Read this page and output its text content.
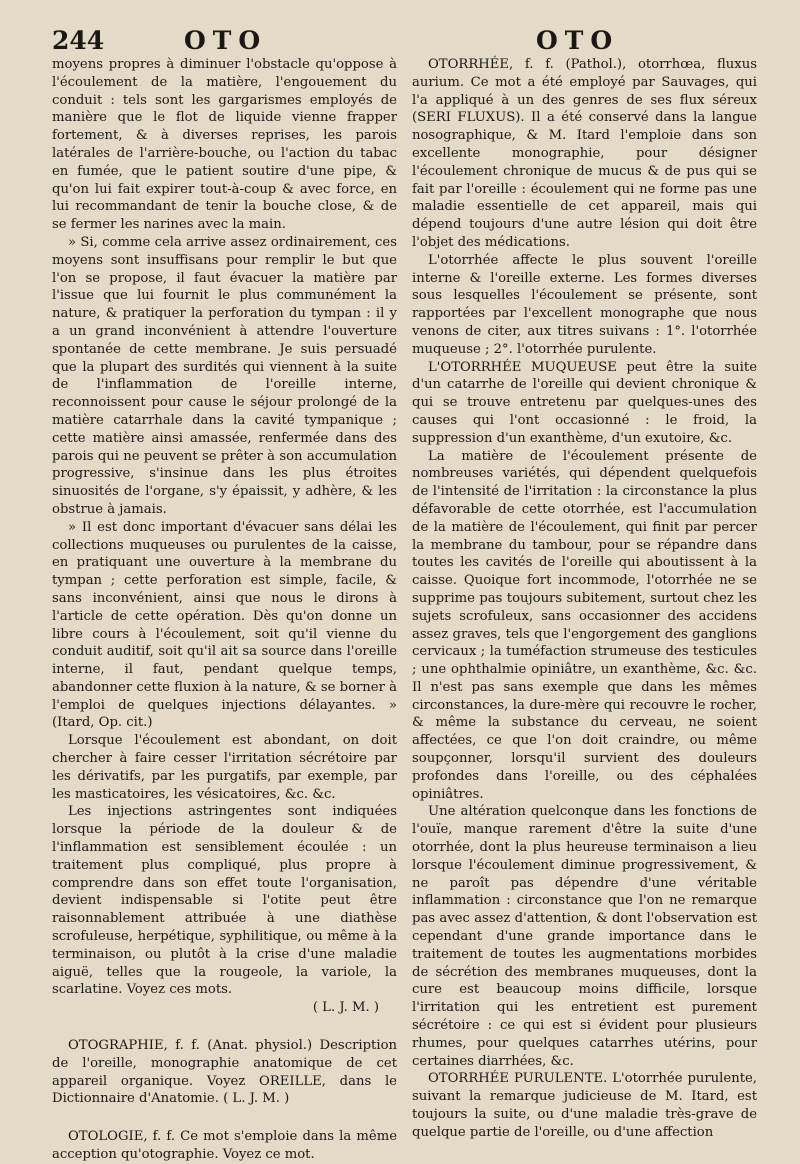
244	OTO	OTO

moyens propres à diminuer l'obstacle qu'oppose à l'écoulement de la matière, l'engouement du conduit : tels sont les gargarismes employés de manière que le flot de liquide vienne frapper fortement, & à diverses reprises, les parois latérales de l'arrière-bouche, ou l'action du tabac en fumée, que le patient soutire d'une pipe, & qu'on lui fait expirer tout-à-coup & avec force, en lui recommandant de tenir la bouche close, & de se fermer les narines avec la main.

» Si, comme cela arrive assez ordinairement, ces moyens sont insuffisans pour remplir le but que l'on se propose, il faut évacuer la matière par l'issue que lui fournit le plus communément la nature, & pratiquer la perforation du tympan : il y a un grand inconvénient à attendre l'ouverture spontanée de cette membrane. Je suis persuadé que la plupart des surdités qui viennent à la suite de l'inflammation de l'oreille interne, reconnoissent pour cause le séjour prolongé de la matière catarrhale dans la cavité tympanique ; cette matière ainsi amassée, renfermée dans des parois qui ne peuvent se prêter à son accumulation progressive, s'insinue dans les plus étroites sinuosités de l'organe, s'y épaissit, y adhère, & les obstrue à jamais.

» Il est donc important d'évacuer sans délai les collections muqueuses ou purulentes de la caisse, en pratiquant une ouverture à la membrane du tympan ; cette perforation est simple, facile, & sans inconvénient, ainsi que nous le dirons à l'article de cette opération. Dès qu'on donne un libre cours à l'écoulement, soit qu'il vienne du conduit auditif, soit qu'il ait sa source dans l'oreille interne, il faut, pendant quelque temps, abandonner cette fluxion à la nature, & se borner à l'emploi de quelques injections délayantes. » (Itard, Op. cit.)

Lorsque l'écoulement est abondant, on doit chercher à faire cesser l'irritation sécrétoire par les dérivatifs, par les purgatifs, par exemple, par les masticatoires, les vésicatoires, &c. &c.

Les injections astringentes sont indiquées lorsque la période de la douleur & de l'inflammation est sensiblement écoulée : un traitement plus compliqué, plus propre à comprendre dans son effet toute l'organisation, devient indispensable si l'otite peut être raisonnablement attribuée à une diathèse scrofuleuse, herpétique, syphilitique, ou même à la terminaison, ou plutôt à la crise d'une maladie aiguë, telles que la rougeole, la variole, la scarlatine. Voyez ces mots.

( L. J. M. )

OTOGRAPHIE, f. f. (Anat. physiol.) Description de l'oreille, monographie anatomique de cet appareil organique. Voyez OREILLE, dans le Dictionnaire d'Anatomie. ( L. J. M. )

OTOLOGIE, f. f. Ce mot s'emploie dans la même acception qu'otographie. Voyez ce mot.

OTORRHÉE, f. f. (Pathol.), otorrhœa, fluxus aurium. Ce mot a été employé par Sauvages, qui l'a appliqué à un des genres de ses flux séreux (SERI FLUXUS). Il a été conservé dans la langue nosographique, & M. Itard l'emploie dans son excellente monographie, pour désigner l'écoulement chronique de mucus & de pus qui se fait par l'oreille : écoulement qui ne forme pas une maladie essentielle de cet appareil, mais qui dépend toujours d'une autre lésion qui doit être l'objet des médications.

L'otorrhée affecte le plus souvent l'oreille interne & l'oreille externe. Les formes diverses sous lesquelles l'écoulement se présente, sont rapportées par l'excellent monographe que nous venons de citer, aux titres suivans : 1°. l'otorrhée muqueuse ; 2°. l'otorrhée purulente.

L'OTORRHÉE MUQUEUSE peut être la suite d'un catarrhe de l'oreille qui devient chronique & qui se trouve entretenu par quelques-unes des causes qui l'ont occasionné : le froid, la suppression d'un exanthème, d'un exutoire, &c.

La matière de l'écoulement présente de nombreuses variétés, qui dépendent quelquefois de l'intensité de l'irritation : la circonstance la plus défavorable de cette otorrhée, est l'accumulation de la matière de l'écoulement, qui finit par percer la membrane du tambour, pour se répandre dans toutes les cavités de l'oreille qui aboutissent à la caisse. Quoique fort incommode, l'otorrhée ne se supprime pas toujours subitement, surtout chez les sujets scrofuleux, sans occasionner des accidens assez graves, tels que l'engorgement des ganglions cervicaux ; la tuméfaction strumeuse des testicules ; une ophthalmie opiniâtre, un exanthème, &c. &c. Il n'est pas sans exemple que dans les mêmes circonstances, la dure-mère qui recouvre le rocher, & même la substance du cerveau, ne soient affectées, ce que l'on doit craindre, ou même soupçonner, lorsqu'il survient des douleurs profondes dans l'oreille, ou des céphalées opiniâtres.

Une altération quelconque dans les fonctions de l'ouïe, manque rarement d'être la suite d'une otorrhée, dont la plus heureuse terminaison a lieu lorsque l'écoulement diminue progressivement, & ne paroît pas dépendre d'une véritable inflammation : circonstance que l'on ne remarque pas avec assez d'attention, & dont l'observation est cependant d'une grande importance dans le traitement de toutes les augmentations morbides de sécrétion des membranes muqueuses, dont la cure est beaucoup moins difficile, lorsque l'irritation qui les entretient est purement sécrétoire : ce qui est si évident pour plusieurs rhumes, pour quelques catarrhes utérins, pour certaines diarrhées, &c.

OTORRHÉE PURULENTE. L'otorrhée purulente, suivant la remarque judicieuse de M. Itard, est toujours la suite, ou d'une maladie très-grave de quelque partie de l'oreille, ou d'une affection
